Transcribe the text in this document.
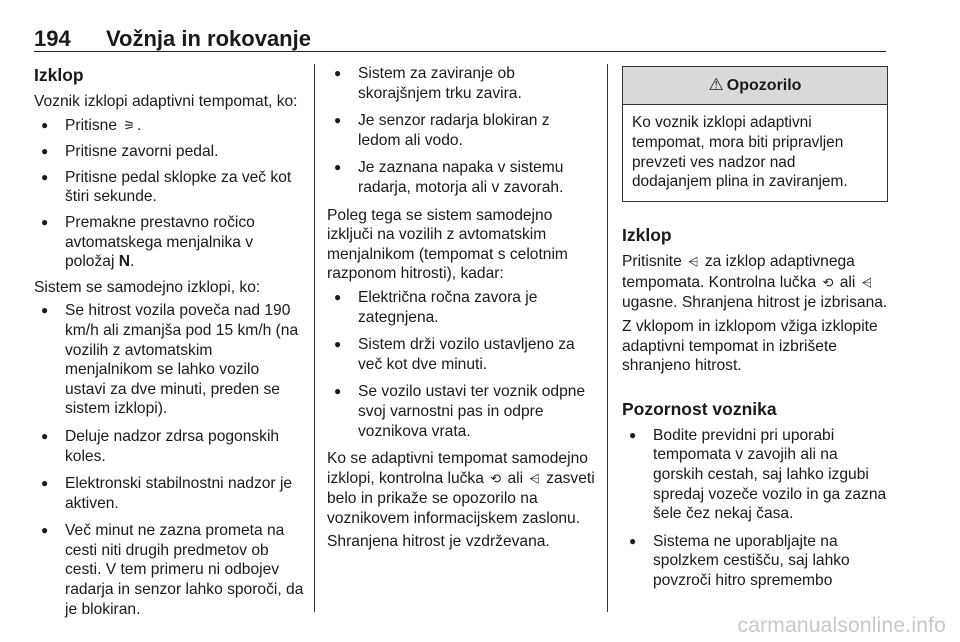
194 Vožnja in rokovanje
Izklop
Voznik izklopi adaptivni tempomat, ko:
● Pritisne ⚞ .
● Pritisne zavorni pedal.
● Pritisne pedal sklopke za več kot štiri sekunde.
● Premakne prestavno ročico avtomatskega menjalnika v položaj N.
Sistem se samodejno izklopi, ko:
● Se hitrost vozila poveča nad 190 km/h ali zmanjša pod 15 km/h (na vozilih z avtomatskim menjalnikom se lahko vozilo ustavi za dve minuti, preden se sistem izklopi).
● Deluje nadzor zdrsa pogonskih koles.
● Elektronski stabilnostni nadzor je aktiven.
● Več minut ne zazna prometa na cesti niti drugih predmetov ob cesti. V tem primeru ni odbojev radarja in senzor lahko sporoči, da je blokiran.
● Sistem za zaviranje ob skorajšnjem trku zavira.
● Je senzor radarja blokiran z ledom ali vodo.
● Je zaznana napaka v sistemu radarja, motorja ali v zavorah.
Poleg tega se sistem samodejno izključi na vozilih z avtomatskim menjalnikom (tempomat s celotnim razponom hitrosti), kadar:
● Električna ročna zavora je zategnjena.
● Sistem drži vozilo ustavljeno za več kot dve minuti.
● Se vozilo ustavi ter voznik odpne svoj varnostni pas in odpre voznikova vrata.
Ko se adaptivni tempomat samodejno izklopi, kontrolna lučka ⟲ ali ⩤ zasveti belo in prikaže se opozorilo na voznikovem informacijskem zaslonu.
Shranjena hitrost je vzdrževana.
⚠ Opozorilo
Ko voznik izklopi adaptivni tempomat, mora biti pripravljen prevzeti ves nadzor nad dodajanjem plina in zaviranjem.
Izklop
Pritisnite ⩤ za izklop adaptivnega tempomata. Kontrolna lučka ⟲ ali ⩤ ugasne. Shranjena hitrost je izbrisana.
Z vklopom in izklopom vžiga izklopite adaptivni tempomat in izbrišete shranjeno hitrost.
Pozornost voznika
● Bodite previdni pri uporabi tempomata v zavojih ali na gorskih cestah, saj lahko izgubi spredaj vozeče vozilo in ga zazna šele čez nekaj časa.
● Sistema ne uporabljajte na spolzkem cestišču, saj lahko povzroči hitro spremembo
carmanualsonline.info
